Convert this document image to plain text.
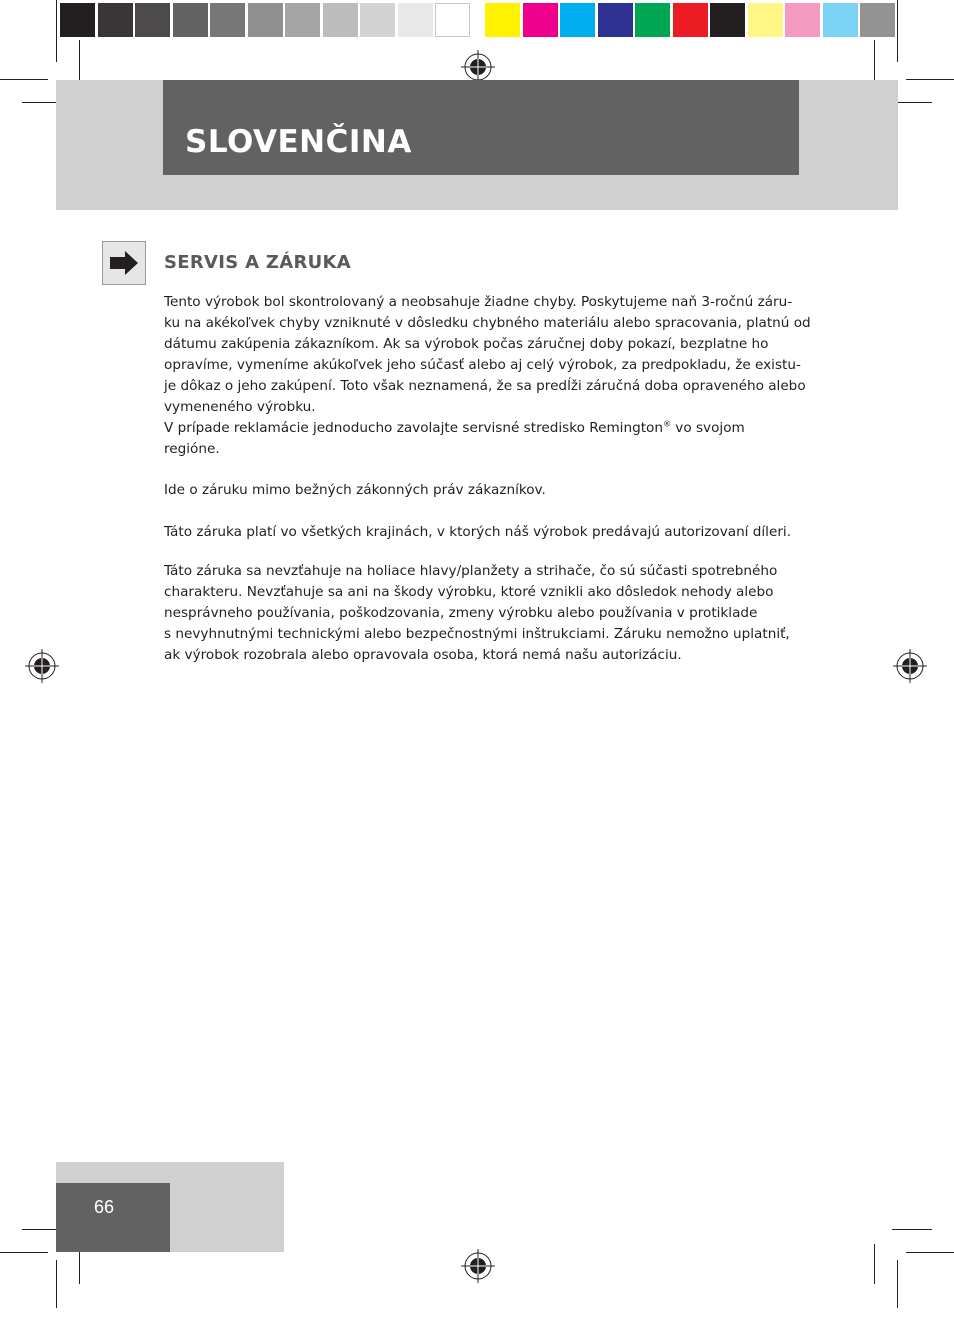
SLOVENČINA
SERVIS A ZÁRUKA
Tento výrobok bol skontrolovaný a neobsahuje žiadne chyby. Poskytujeme naň 3-ročnú záru-
ku na akékoľvek chyby vzniknuté v dôsledku chybného materiálu alebo spracovania, platnú od
dátumu zakúpenia zákazníkom. Ak sa výrobok počas záručnej doby pokazí, bezplatne ho
opravíme, vymeníme akúkoľvek jeho súčasť alebo aj celý výrobok, za predpokladu, že existu-
je dôkaz o jeho zakúpení. Toto však neznamená, že sa predĺži záručná doba opraveného alebo
vymeneného výrobku.
V prípade reklamácie jednoducho zavolajte servisné stredisko Remington® vo svojom
regióne.
Ide o záruku mimo bežných zákonných práv zákazníkov.
Táto záruka platí vo všetkých krajinách, v ktorých náš výrobok predávajú autorizovaní díleri.
Táto záruka sa nevzťahuje na holiace hlavy/planžety a strihače, čo sú súčasti spotrebného
charakteru. Nevzťahuje sa ani na škody výrobku, ktoré vznikli ako dôsledok nehody alebo
nesprávneho používania, poškodzovania, zmeny výrobku alebo používania v protiklade
s nevyhnutnými technickými alebo bezpečnostnými inštrukciami. Záruku nemožno uplatniť,
ak výrobok rozobrala alebo opravovala osoba, ktorá nemá našu autorizáciu.
66
